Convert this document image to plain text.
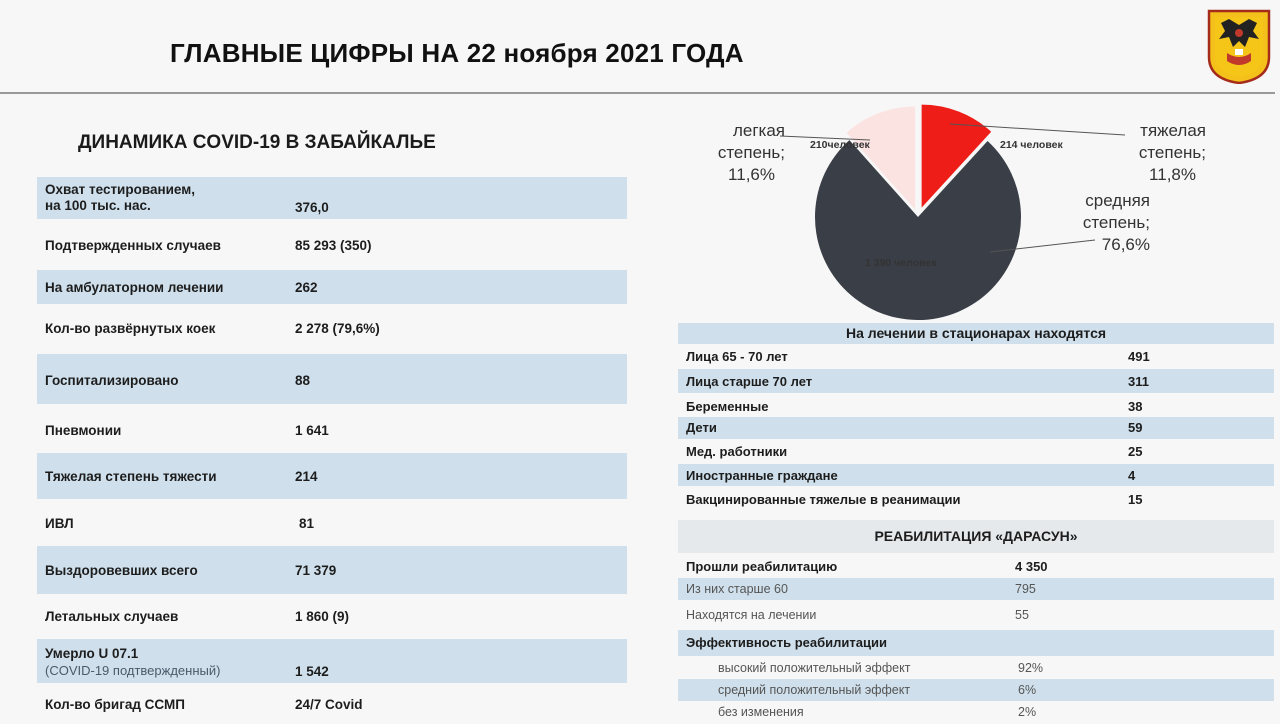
ГЛАВНЫЕ ЦИФРЫ НА 22 ноября 2021 ГОДА
ДИНАМИКА COVID-19 В ЗАБАЙКАЛЬЕ
Охват тестированием,
на 100 тыс. нас.	376,0
Подтвержденных случаев	85 293 (350)
На амбулаторном лечении	262
Кол-во развёрнутых коек	2 278 (79,6%)
Госпитализировано	88
Пневмонии	1 641
Тяжелая степень тяжести	214
ИВЛ	81
Выздоровевших всего	71 379
Летальных случаев	1 860 (9)
Умерло U 07.1
(COVID-19 подтвержденный)	1 542
Кол-во бригад ССМП	24/7 Covid
210человек	214 человек
1 390 человек
легкая
степень;
11,6%
тяжелая
степень;
11,8%
средняя
степень;
76,6%
На лечении в стационарах находятся
Лица 65 - 70 лет	491
Лица старше 70 лет	311
Беременные	38
Дети	59
Мед. работники	25
Иностранные граждане	4
Вакцинированные тяжелые в реанимации	15
РЕАБИЛИТАЦИЯ «ДАРАСУН»
Прошли реабилитацию	4 350
Из них старше 60	795
Находятся на лечении	55
Эффективность реабилитации
высокий положительный эффект	92%
средний положительный эффект	6%
без изменения	2%
